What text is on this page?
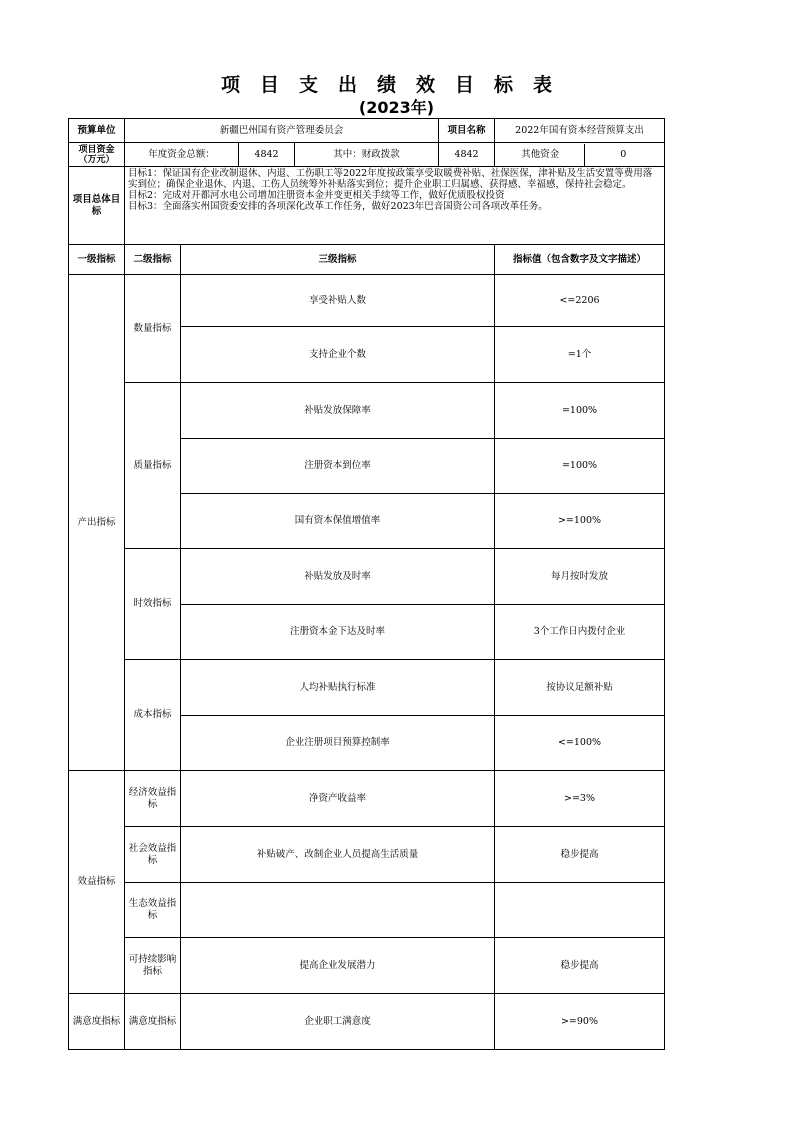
项目支出绩效目标表
(2023年)
预算单位	新疆巴州国有资产管理委员会	项目名称	2022年国有资本经营预算支出
项目资金（万元）	年度资金总额：	4842	其中：财政拨款	4842		其他资金	0

项目总体目标	
目标1：保证国有企业改制退休、内退、工伤职工等2022年度按政策享受取暖费补贴、社保医保，津补贴及生活安置等费用落实到位；确保企业退休、内退、工伤人员统筹外补贴落实到位；提升企业职工归属感、获得感、幸福感，保持社会稳定。
目标2：完成对开都河水电公司增加注册资本金并变更相关手续等工作，做好优质股权投资
目标3：全面落实州国资委安排的各项深化改革工作任务，做好2023年巴音国资公司各项改革任务。

一级指标	二级指标	三级指标	指标值（包含数字及文字描述）
产出指标	数量指标	享受补贴人数	<=2206
支持企业个数	=1个
质量指标	补贴发放保障率	=100%
注册资本到位率	=100%
国有资本保值增值率	>=100%
时效指标	补贴发放及时率	每月按时发放
注册资本金下达及时率	3个工作日内拨付企业
成本指标	人均补贴执行标准	按协议足额补贴
企业注册项目预算控制率	<=100%
效益指标	经济效益指标	净资产收益率	>=3%
社会效益指标	补贴破产、改制企业人员提高生活质量	稳步提高
生态效益指标		
可持续影响指标	提高企业发展潜力	稳步提高
满意度指标	满意度指标	企业职工满意度	>=90%
